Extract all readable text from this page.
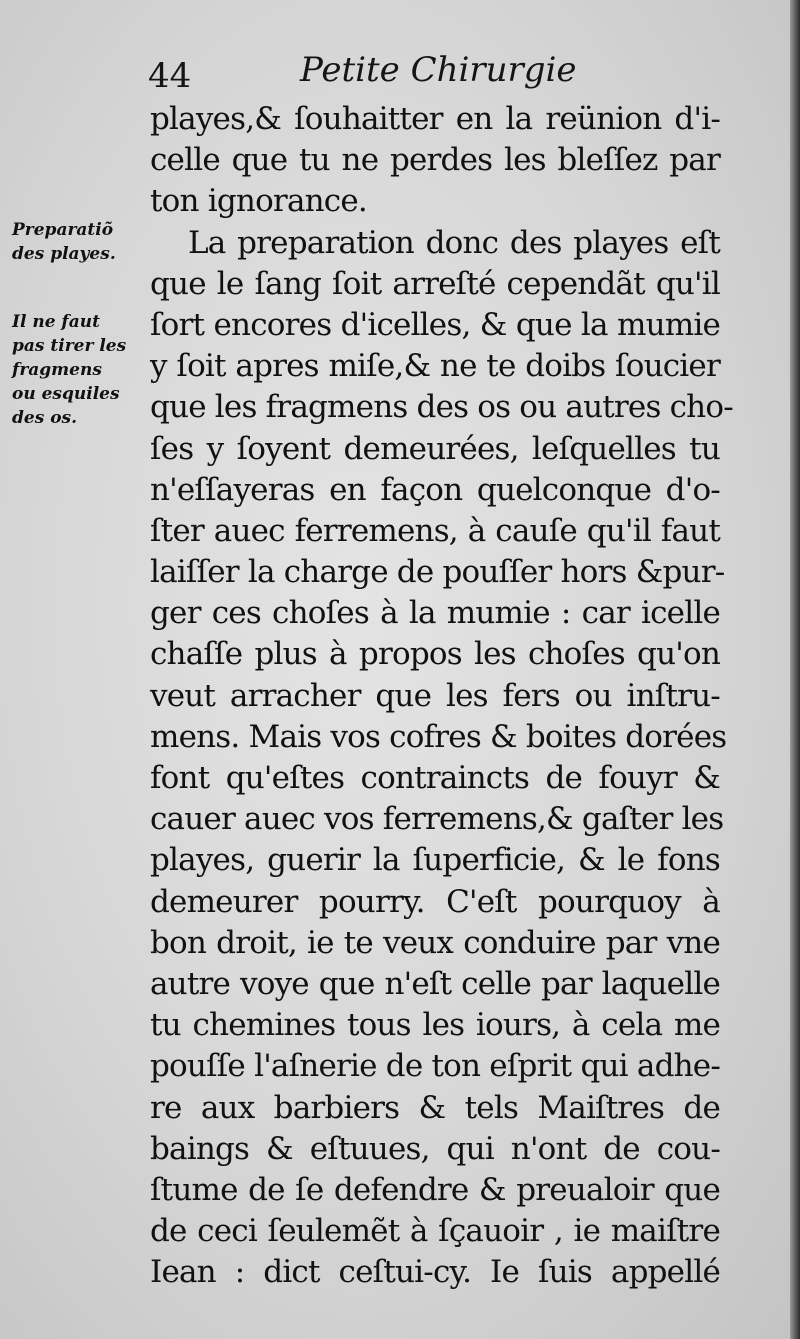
44	Petite Chirurgie
Preparatiõ
des playes.
Il ne faut
pas tirer les
fragmens
ou esquiles
des os.
playes,& ſouhaitter en la reünion d'i-
celle que tu ne perdes les bleſſez par
ton ignorance.
La preparation donc des playes eſt
que le ſang ſoit arreſté cependãt qu'il
ſort encores d'icelles, & que la mumie
y ſoit apres miſe,& ne te doibs ſoucier
que les fragmens des os ou autres cho-
ſes y ſoyent demeurées, leſquelles tu
n'eſſayeras en façon quelconque d'o-
ſter auec ferremens, à cauſe qu'il faut
laiſſer la charge de pouſſer hors &pur-
ger ces choſes à la mumie : car icelle
chaſſe plus à propos les choſes qu'on
veut arracher que les fers ou inſtru-
mens. Mais vos cofres & boites dorées
font qu'eſtes contraincts de fouyr &
cauer auec vos ferremens,& gaſter les
playes, guerir la ſuperficie, & le fons
demeurer pourry. C'eſt pourquoy à
bon droit, ie te veux conduire par vne
autre voye que n'eſt celle par laquelle
tu chemines tous les iours, à cela me
pouſſe l'aſnerie de ton eſprit qui adhe-
re aux barbiers & tels Maiſtres de
baings & eſtuues, qui n'ont de cou-
ſtume de ſe defendre & preualoir que
de ceci ſeulemẽt à ſçauoir , ie maiſtre
Iean : dict ceſtui-cy. Ie ſuis appellé
